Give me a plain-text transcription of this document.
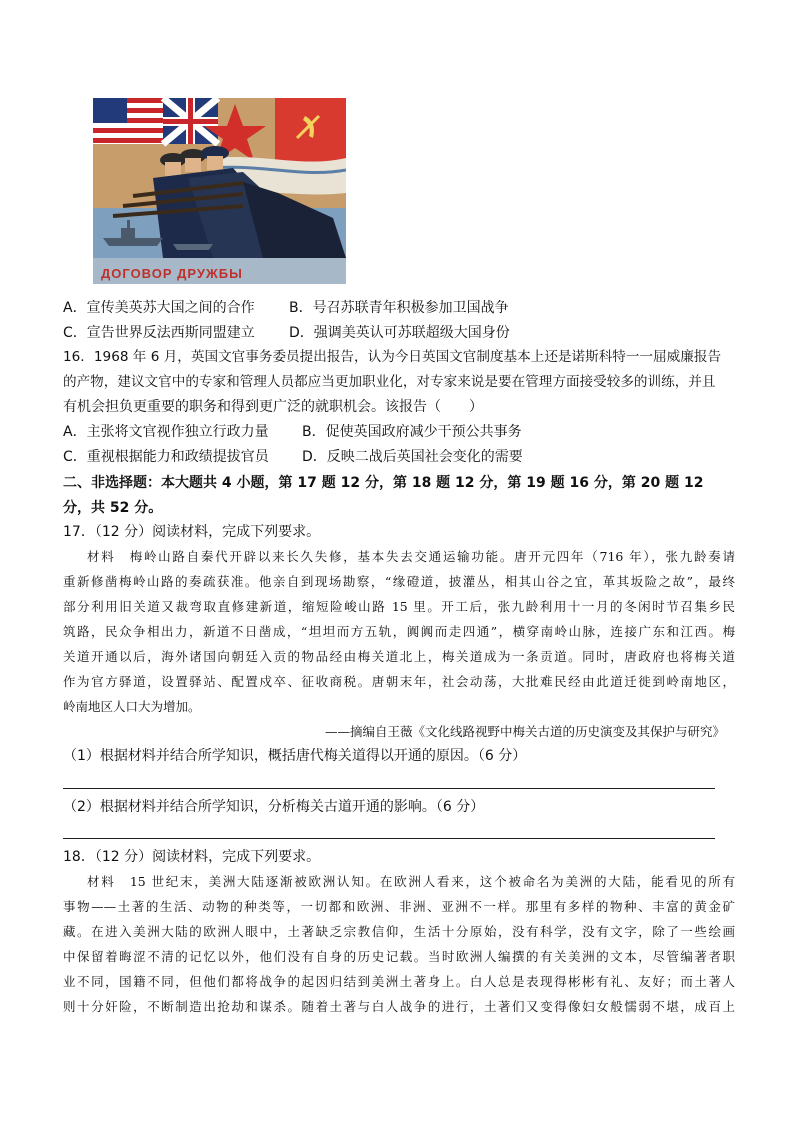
ДОГОВОР ДРУЖБЫ
A．宣传美英苏大国之间的合作 B．号召苏联青年积极参加卫国战争
C．宣告世界反法西斯同盟建立 D．强调美英认可苏联超级大国身份
16．1968 年 6 月，英国文官事务委员提出报告，认为今日英国文官制度基本上还是诺斯科特一一屈威廉报告
的产物，建议文官中的专家和管理人员都应当更加职业化，对专家来说是要在管理方面接受较多的训练，并且
有机会担负更重要的职务和得到更广泛的就职机会。该报告（　　）
A．主张将文官视作独立行政力量 B．促使英国政府减少干预公共事务
C．重视根据能力和政绩提拔官员 D．反映二战后英国社会变化的需要
二、非选择题：本大题共 4 小题，第 17 题 12 分，第 18 题 12 分，第 19 题 16 分，第 20 题 12
分，共 52 分。
17．（12 分）阅读材料，完成下列要求。
材料　梅岭山路自秦代开辟以来长久失修，基本失去交通运输功能。唐开元四年（716 年），张九龄奏请
重新修凿梅岭山路的奏疏获准。他亲自到现场勘察，“缘磴道，披灌丛，相其山谷之宜，革其坂险之故”，最终
部分利用旧关道又裁弯取直修建新道，缩短险峻山路 15 里。开工后，张九龄利用十一月的冬闲时节召集乡民
筑路，民众争相出力，新道不日凿成，“坦坦而方五轨，阗阗而走四通”，横穿南岭山脉，连接广东和江西。梅
关道开通以后，海外诸国向朝廷入贡的物品经由梅关道北上，梅关道成为一条贡道。同时，唐政府也将梅关道
作为官方驿道，设置驿站、配置戍卒、征收商税。唐朝末年，社会动荡，大批难民经由此道迁徙到岭南地区，
岭南地区人口大为增加。
——摘编自王薇《文化线路视野中梅关古道的历史演变及其保护与研究》
（1）根据材料并结合所学知识，概括唐代梅关道得以开通的原因。（6 分）
（2）根据材料并结合所学知识，分析梅关古道开通的影响。（6 分）
18．（12 分）阅读材料，完成下列要求。
材料　15 世纪末，美洲大陆逐渐被欧洲认知。在欧洲人看来，这个被命名为美洲的大陆，能看见的所有
事物——土著的生活、动物的种类等，一切都和欧洲、非洲、亚洲不一样。那里有多样的物种、丰富的黄金矿
藏。在进入美洲大陆的欧洲人眼中，土著缺乏宗教信仰，生活十分原始，没有科学，没有文字，除了一些绘画
中保留着晦涩不清的记忆以外，他们没有自身的历史记载。当时欧洲人编撰的有关美洲的文本，尽管编著者职
业不同，国籍不同，但他们都将战争的起因归结到美洲土著身上。白人总是表现得彬彬有礼、友好；而土著人
则十分奸险，不断制造出抢劫和谋杀。随着土著与白人战争的进行，土著们又变得像妇女般懦弱不堪，成百上
